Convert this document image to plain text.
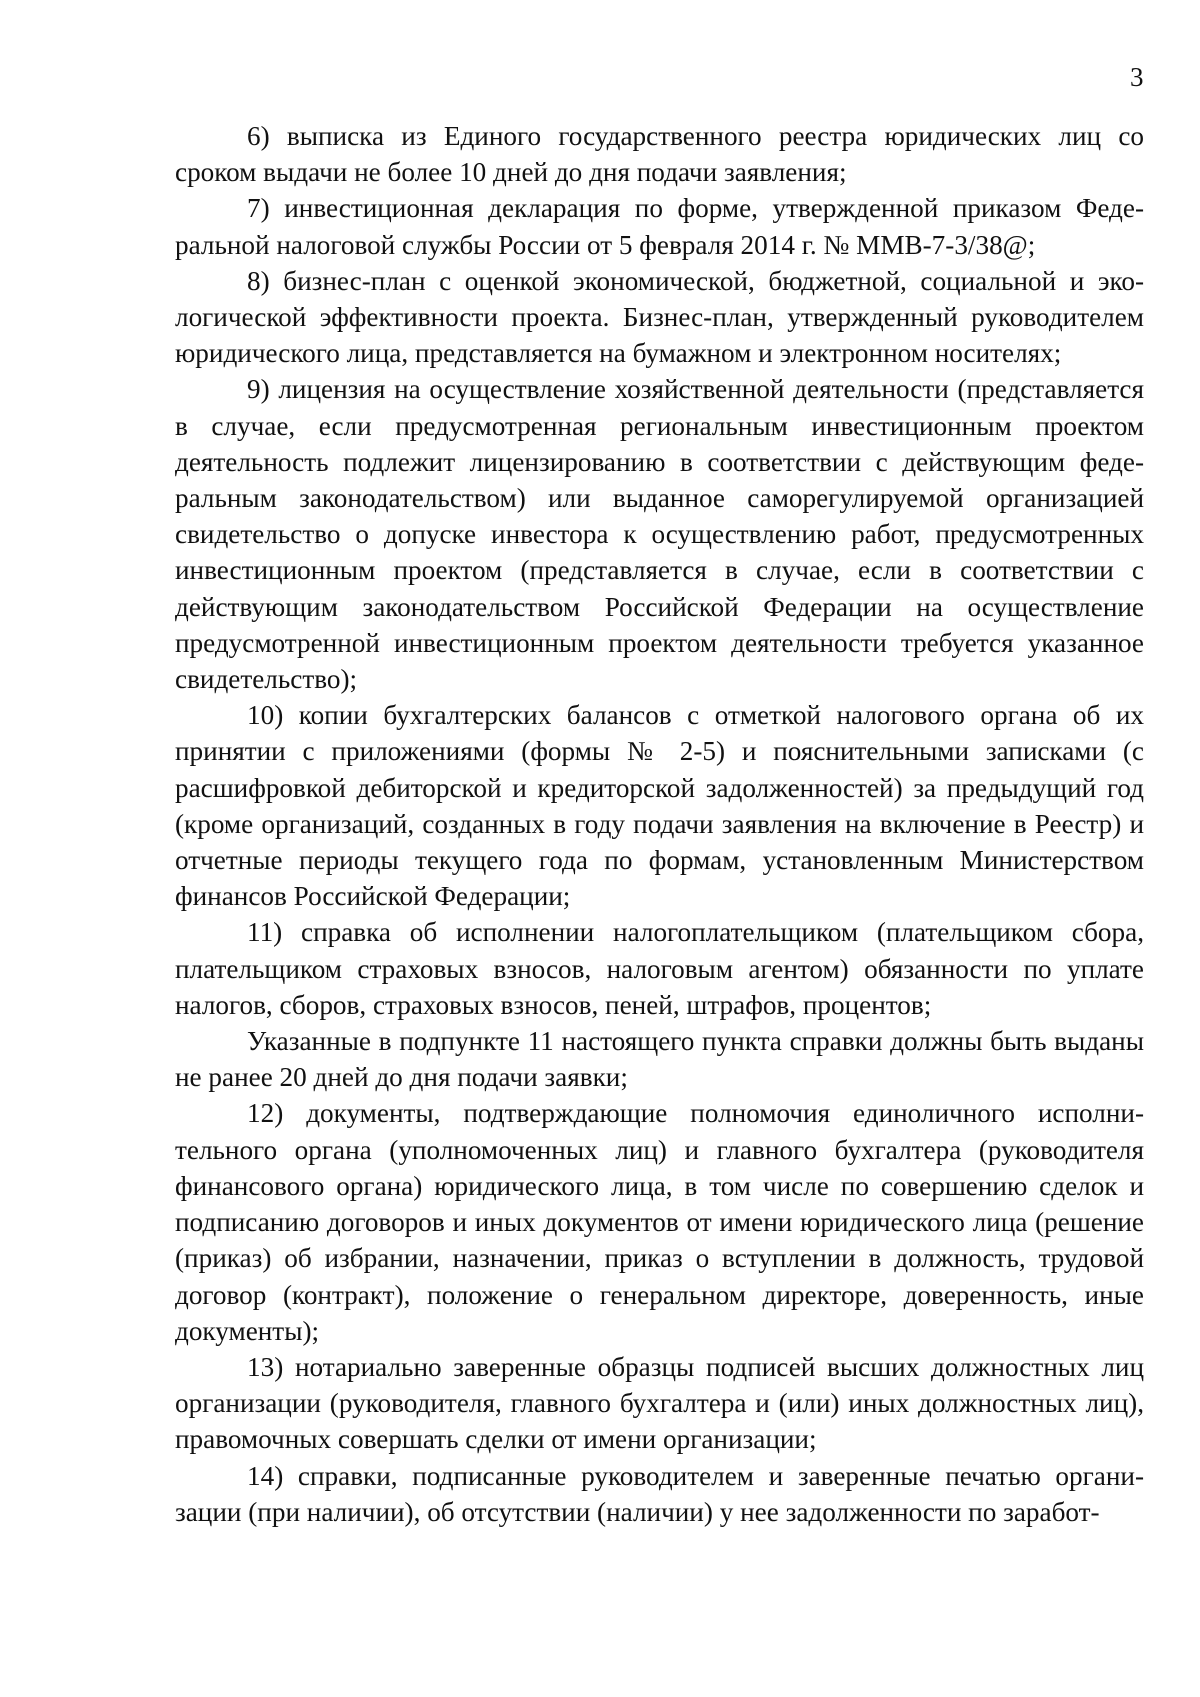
3

6) выписка из Единого государственного реестра юридических лиц со сроком выдачи не более 10 дней до дня подачи заявления;

7) инвестиционная декларация по форме, утвержденной приказом Федеральной налоговой службы России от 5 февраля 2014 г. № ММВ-7-3/38@;

8) бизнес-план с оценкой экономической, бюджетной, социальной и экологической эффективности проекта. Бизнес-план, утвержденный руководителем юридического лица, представляется на бумажном и электронном носителях;

9) лицензия на осуществление хозяйственной деятельности (представляется в случае, если предусмотренная региональным инвестиционным проектом деятельность подлежит лицензированию в соответствии с действующим федеральным законодательством) или выданное саморегулируемой организацией свидетельство о допуске инвестора к осуществлению работ, предусмотренных инвестиционным проектом (представляется в случае, если в соответствии с действующим законодательством Российской Федерации на осуществление предусмотренной инвестиционным проектом деятельности требуется указанное свидетельство);

10) копии бухгалтерских балансов с отметкой налогового органа об их принятии с приложениями (формы № 2-5) и пояснительными записками (с расшифровкой дебиторской и кредиторской задолженностей) за предыдущий год (кроме организаций, созданных в году подачи заявления на включение в Реестр) и отчетные периоды текущего года по формам, установленным Министерством финансов Российской Федерации;

11) справка об исполнении налогоплательщиком (плательщиком сбора, плательщиком страховых взносов, налоговым агентом) обязанности по уплате налогов, сборов, страховых взносов, пеней, штрафов, процентов;

Указанные в подпункте 11 настоящего пункта справки должны быть выданы не ранее 20 дней до дня подачи заявки;

12) документы, подтверждающие полномочия единоличного исполнительного органа (уполномоченных лиц) и главного бухгалтера (руководителя финансового органа) юридического лица, в том числе по совершению сделок и подписанию договоров и иных документов от имени юридического лица (решение (приказ) об избрании, назначении, приказ о вступлении в должность, трудовой договор (контракт), положение о генеральном директоре, доверенность, иные документы);

13) нотариально заверенные образцы подписей высших должностных лиц организации (руководителя, главного бухгалтера и (или) иных должностных лиц), правомочных совершать сделки от имени организации;

14) справки, подписанные руководителем и заверенные печатью организации (при наличии), об отсутствии (наличии) у нее задолженности по заработ-
